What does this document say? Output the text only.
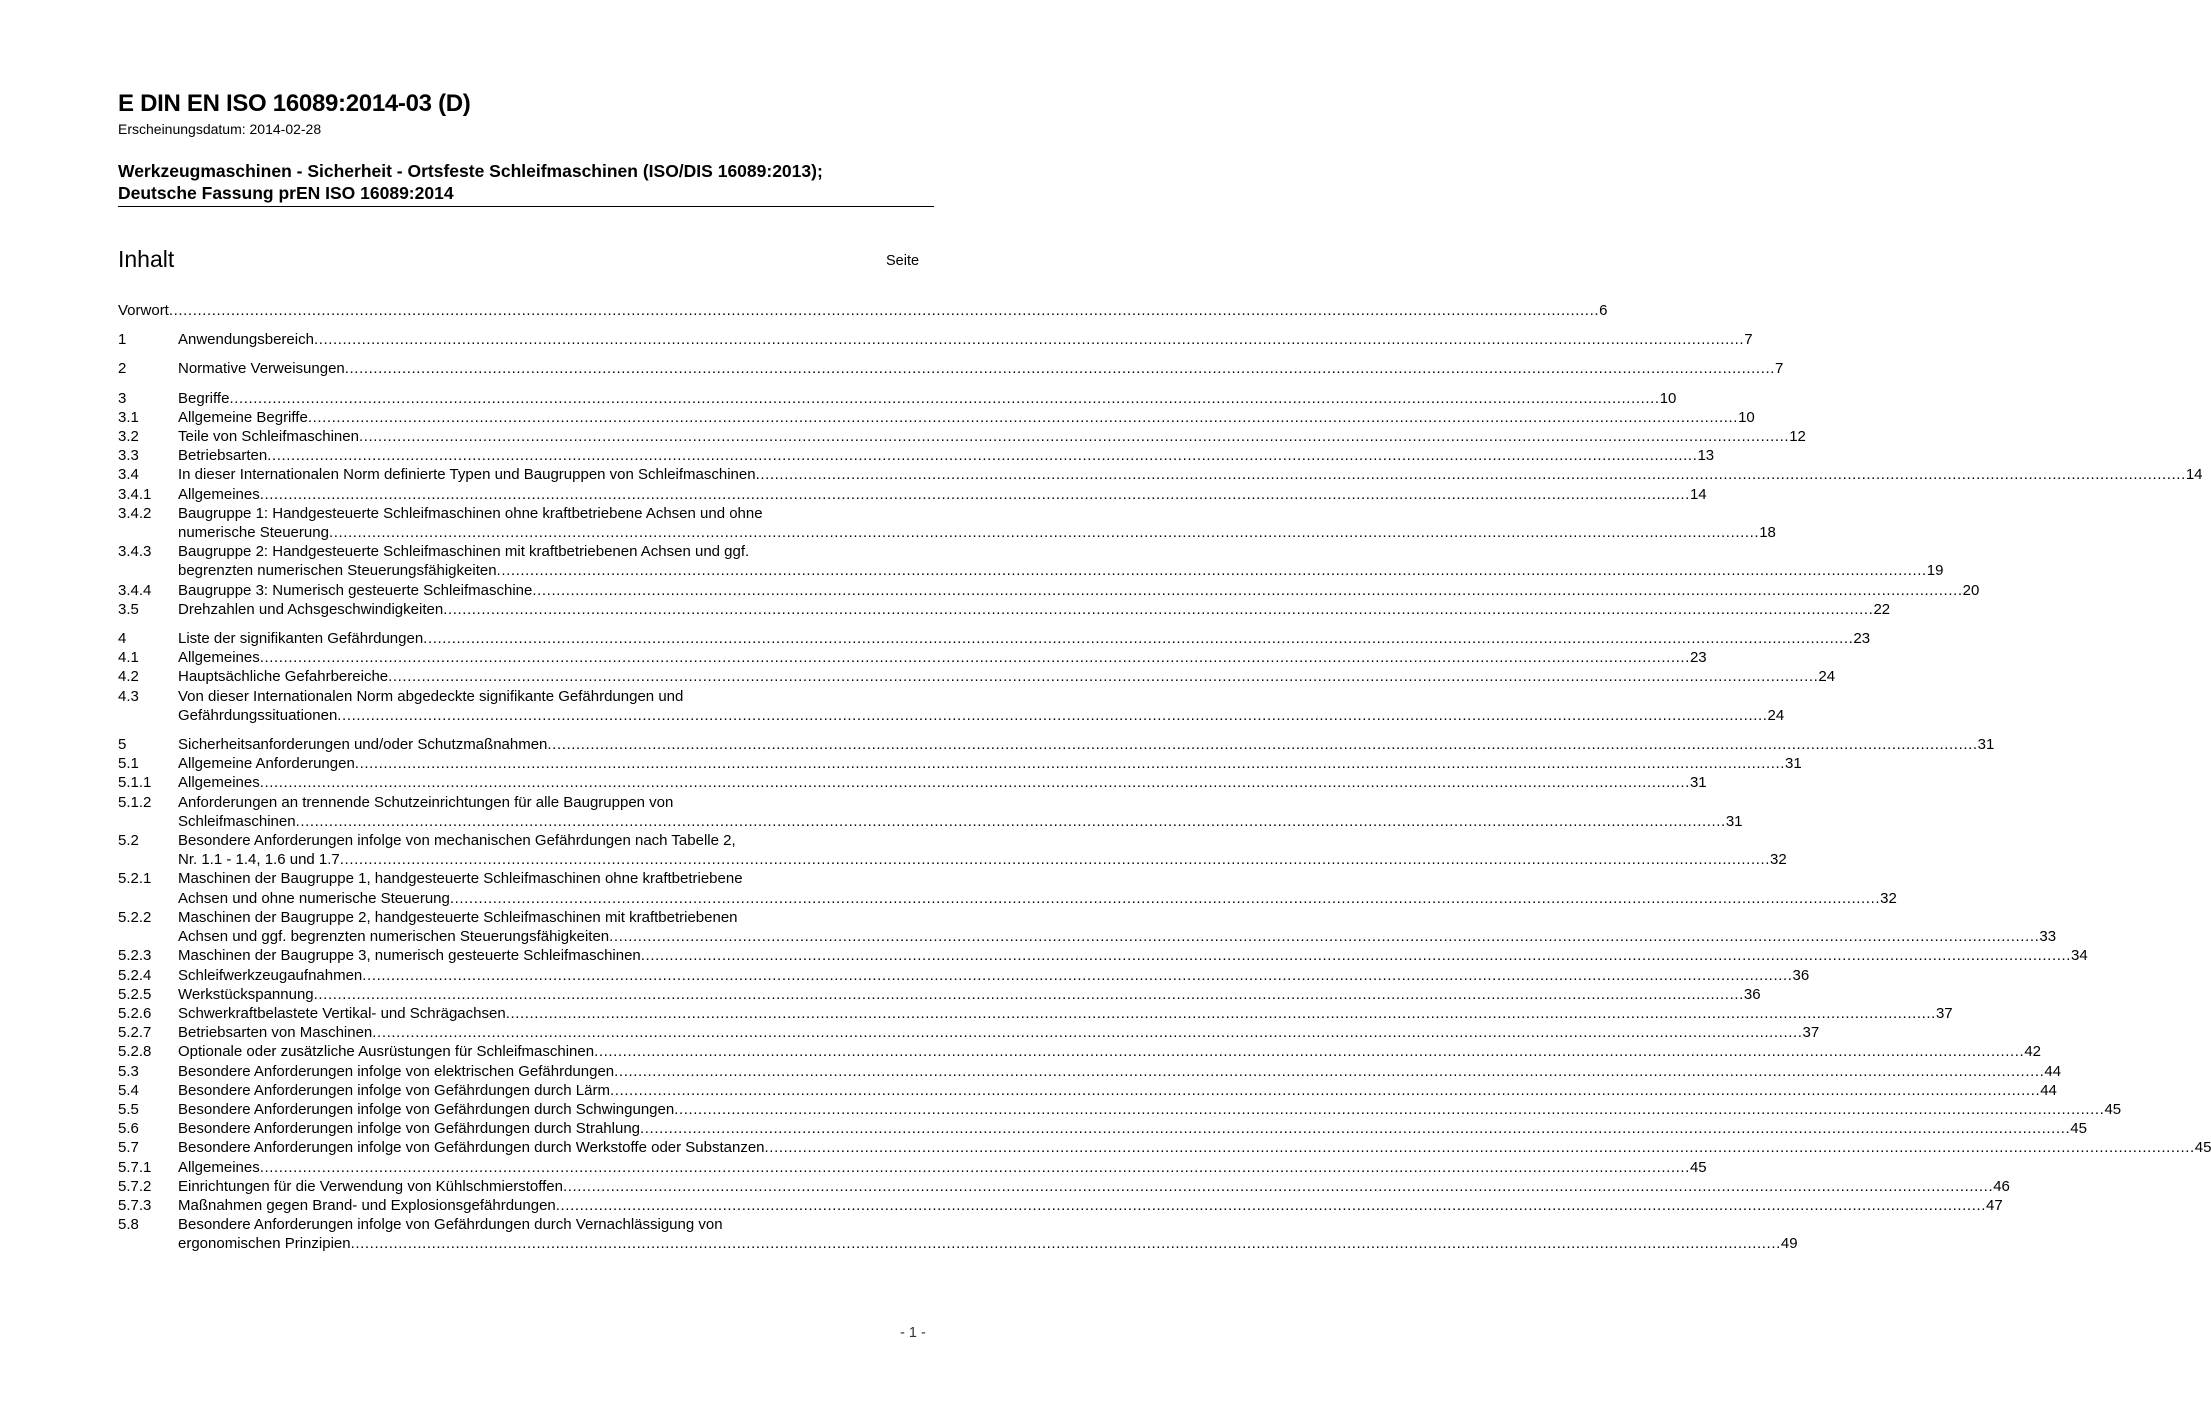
E DIN EN ISO 16089:2014-03 (D)
Erscheinungsdatum: 2014-02-28
Werkzeugmaschinen - Sicherheit - Ortsfeste Schleifmaschinen (ISO/DIS 16089:2013);
Deutsche Fassung prEN ISO 16089:2014
Inhalt	Seite
Vorwort ............................................................................................................................................................................................................................................................................................................ 6
1	Anwendungsbereich ............................................................................................................................................................................................................................................................................................................ 7
2	Normative Verweisungen ............................................................................................................................................................................................................................................................................................................ 7
3	Begriffe ............................................................................................................................................................................................................................................................................................................ 10
3.1	Allgemeine Begriffe ............................................................................................................................................................................................................................................................................................................ 10
3.2	Teile von Schleifmaschinen ............................................................................................................................................................................................................................................................................................................ 12
3.3	Betriebsarten ............................................................................................................................................................................................................................................................................................................ 13
3.4	In dieser Internationalen Norm definierte Typen und Baugruppen von Schleifmaschinen ............................................................................................................................................................................................................................................................................................................ 14
3.4.1 Allgemeines ............................................................................................................................................................................................................................................................................................................ 14
3.4.2 Baugruppe 1: Handgesteuerte Schleifmaschinen ohne kraftbetriebene Achsen und ohne
numerische Steuerung ............................................................................................................................................................................................................................................................................................................ 18
3.4.3 Baugruppe 2: Handgesteuerte Schleifmaschinen mit kraftbetriebenen Achsen und ggf.
begrenzten numerischen Steuerungsfähigkeiten ............................................................................................................................................................................................................................................................................................................ 19
3.4.4 Baugruppe 3: Numerisch gesteuerte Schleifmaschine ............................................................................................................................................................................................................................................................................................................ 20
3.5	Drehzahlen und Achsgeschwindigkeiten ............................................................................................................................................................................................................................................................................................................ 22
4	Liste der signifikanten Gefährdungen ............................................................................................................................................................................................................................................................................................................ 23
4.1	Allgemeines ............................................................................................................................................................................................................................................................................................................ 23
4.2	Hauptsächliche Gefahrbereiche ............................................................................................................................................................................................................................................................................................................ 24
4.3	Von dieser Internationalen Norm abgedeckte signifikante Gefährdungen und
Gefährdungssituationen ............................................................................................................................................................................................................................................................................................................ 24
5	Sicherheitsanforderungen und/oder Schutzmaßnahmen ............................................................................................................................................................................................................................................................................................................ 31
5.1	Allgemeine Anforderungen ............................................................................................................................................................................................................................................................................................................ 31
5.1.1 Allgemeines ............................................................................................................................................................................................................................................................................................................ 31
5.1.2 Anforderungen an trennende Schutzeinrichtungen für alle Baugruppen von
Schleifmaschinen ............................................................................................................................................................................................................................................................................................................ 31
5.2	Besondere Anforderungen infolge von mechanischen Gefährdungen nach Tabelle 2,
Nr. 1.1 - 1.4, 1.6 und 1.7 ............................................................................................................................................................................................................................................................................................................ 32
5.2.1 Maschinen der Baugruppe 1, handgesteuerte Schleifmaschinen ohne kraftbetriebene
Achsen und ohne numerische Steuerung ............................................................................................................................................................................................................................................................................................................ 32
5.2.2 Maschinen der Baugruppe 2, handgesteuerte Schleifmaschinen mit kraftbetriebenen
Achsen und ggf. begrenzten numerischen Steuerungsfähigkeiten ............................................................................................................................................................................................................................................................................................................ 33
5.2.3 Maschinen der Baugruppe 3, numerisch gesteuerte Schleifmaschinen ............................................................................................................................................................................................................................................................................................................ 34
5.2.4 Schleifwerkzeugaufnahmen ............................................................................................................................................................................................................................................................................................................ 36
5.2.5 Werkstückspannung ............................................................................................................................................................................................................................................................................................................ 36
5.2.6 Schwerkraftbelastete Vertikal- und Schrägachsen ............................................................................................................................................................................................................................................................................................................ 37
5.2.7 Betriebsarten von Maschinen ............................................................................................................................................................................................................................................................................................................ 37
5.2.8 Optionale oder zusätzliche Ausrüstungen für Schleifmaschinen ............................................................................................................................................................................................................................................................................................................ 42
5.3	Besondere Anforderungen infolge von elektrischen Gefährdungen ............................................................................................................................................................................................................................................................................................................ 44
5.4	Besondere Anforderungen infolge von Gefährdungen durch Lärm ............................................................................................................................................................................................................................................................................................................ 44
5.5	Besondere Anforderungen infolge von Gefährdungen durch Schwingungen ............................................................................................................................................................................................................................................................................................................ 45
5.6	Besondere Anforderungen infolge von Gefährdungen durch Strahlung ............................................................................................................................................................................................................................................................................................................ 45
5.7	Besondere Anforderungen infolge von Gefährdungen durch Werkstoffe oder Substanzen ............................................................................................................................................................................................................................................................................................................ 45
5.7.1 Allgemeines ............................................................................................................................................................................................................................................................................................................ 45
5.7.2 Einrichtungen für die Verwendung von Kühlschmierstoffen ............................................................................................................................................................................................................................................................................................................ 46
5.7.3 Maßnahmen gegen Brand- und Explosionsgefährdungen ............................................................................................................................................................................................................................................................................................................ 47
5.8	Besondere Anforderungen infolge von Gefährdungen durch Vernachlässigung von
ergonomischen Prinzipien ............................................................................................................................................................................................................................................................................................................ 49
- 1 -
